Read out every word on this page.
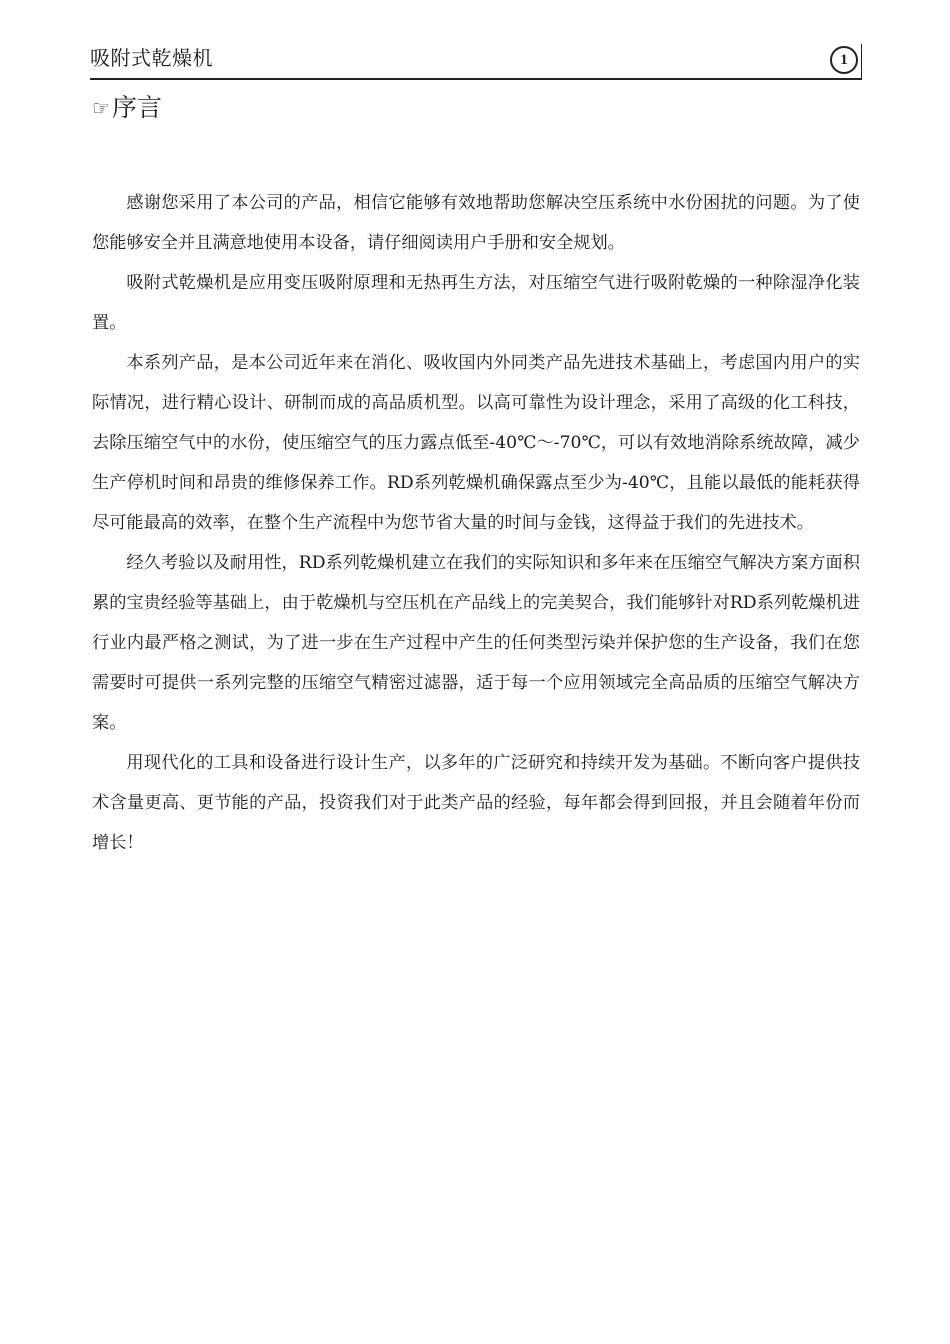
吸附式乾燥机	1
☞ 序言

感谢您采用了本公司的产品，相信它能够有效地帮助您解决空压系统中水份困扰的问题。为了使您能够安全并且满意地使用本设备，请仔细阅读用户手册和安全规划。

吸附式乾燥机是应用变压吸附原理和无热再生方法，对压缩空气进行吸附乾燥的一种除湿净化装置。

本系列产品，是本公司近年来在消化、吸收国内外同类产品先进技术基础上，考虑国内用户的实际情况，进行精心设计、研制而成的高品质机型。以高可靠性为设计理念，采用了高级的化工科技，去除压缩空气中的水份，使压缩空气的压力露点低至-40℃～-70℃，可以有效地消除系统故障，减少生产停机时间和昂贵的维修保养工作。RD系列乾燥机确保露点至少为-40℃，且能以最低的能耗获得尽可能最高的效率，在整个生产流程中为您节省大量的时间与金钱，这得益于我们的先进技术。

经久考验以及耐用性，RD系列乾燥机建立在我们的实际知识和多年来在压缩空气解决方案方面积累的宝贵经验等基础上，由于乾燥机与空压机在产品线上的完美契合，我们能够针对RD系列乾燥机进行业内最严格之测试，为了进一步在生产过程中产生的任何类型污染并保护您的生产设备，我们在您需要时可提供一系列完整的压缩空气精密过滤器，适于每一个应用领域完全高品质的压缩空气解决方案。

用现代化的工具和设备进行设计生产，以多年的广泛研究和持续开发为基础。不断向客户提供技术含量更高、更节能的产品，投资我们对于此类产品的经验，每年都会得到回报，并且会随着年份而增长！
